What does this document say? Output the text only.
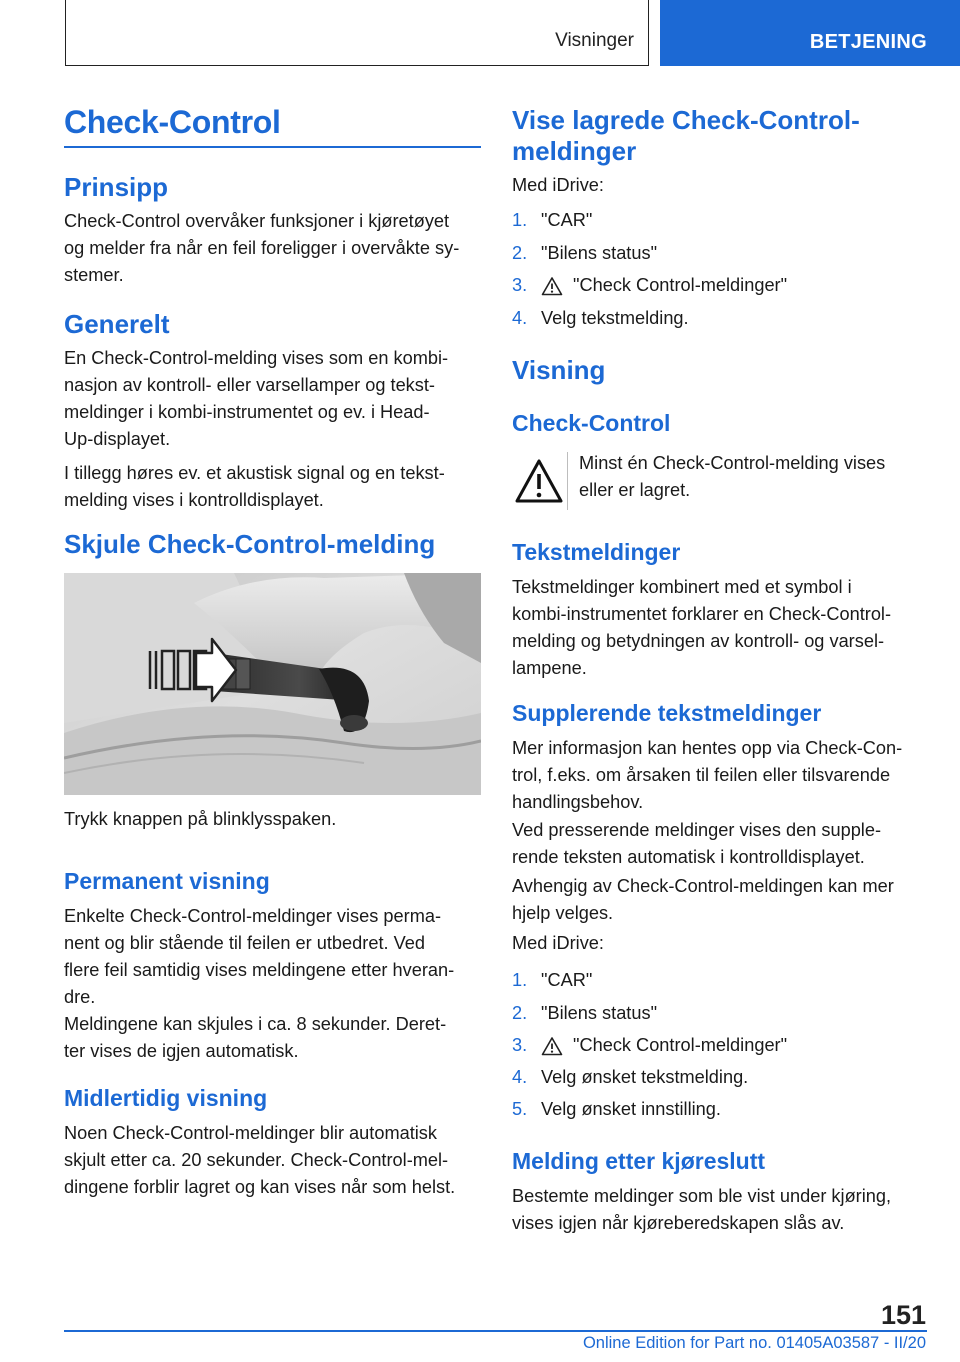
Visninger	BETJENING
Check-Control
Prinsipp
Check-Control overvåker funksjoner i kjøretøyet
og melder fra når en feil foreligger i overvåkte sy-
stemer.
Generelt
En Check-Control-melding vises som en kombi-
nasjon av kontroll- eller varsellamper og tekst-
meldinger i kombi-instrumentet og ev. i Head-
Up-displayet.
I tillegg høres ev. et akustisk signal og en tekst-
melding vises i kontrolldisplayet.
Skjule Check-Control-melding
Trykk knappen på blinklysspaken.
Permanent visning
Enkelte Check-Control-meldinger vises perma-
nent og blir stående til feilen er utbedret. Ved
flere feil samtidig vises meldingene etter hveran-
dre.
Meldingene kan skjules i ca. 8 sekunder. Deret-
ter vises de igjen automatisk.
Midlertidig visning
Noen Check-Control-meldinger blir automatisk
skjult etter ca. 20 sekunder. Check-Control-mel-
dingene forblir lagret og kan vises når som helst.
Vise lagrede Check-Control-
meldinger
Med iDrive:
1. "CAR"
2. "Bilens status"
3.	"Check Control-meldinger"
4. Velg tekstmelding.
Visning
Check-Control
Minst én Check-Control-melding vises
eller er lagret.
Tekstmeldinger
Tekstmeldinger kombinert med et symbol i
kombi-instrumentet forklarer en Check-Control-
melding og betydningen av kontroll- og varsel-
lampene.
Supplerende tekstmeldinger
Mer informasjon kan hentes opp via Check-Con-
trol, f.eks. om årsaken til feilen eller tilsvarende
handlingsbehov.
Ved presserende meldinger vises den supple-
rende teksten automatisk i kontrolldisplayet.
Avhengig av Check-Control-meldingen kan mer
hjelp velges.
Med iDrive:
1. "CAR"
2. "Bilens status"
3.	"Check Control-meldinger"
4. Velg ønsket tekstmelding.
5. Velg ønsket innstilling.
Melding etter kjøreslutt
Bestemte meldinger som ble vist under kjøring,
vises igjen når kjøreberedskapen slås av.
151
Online Edition for Part no. 01405A03587 - II/20
